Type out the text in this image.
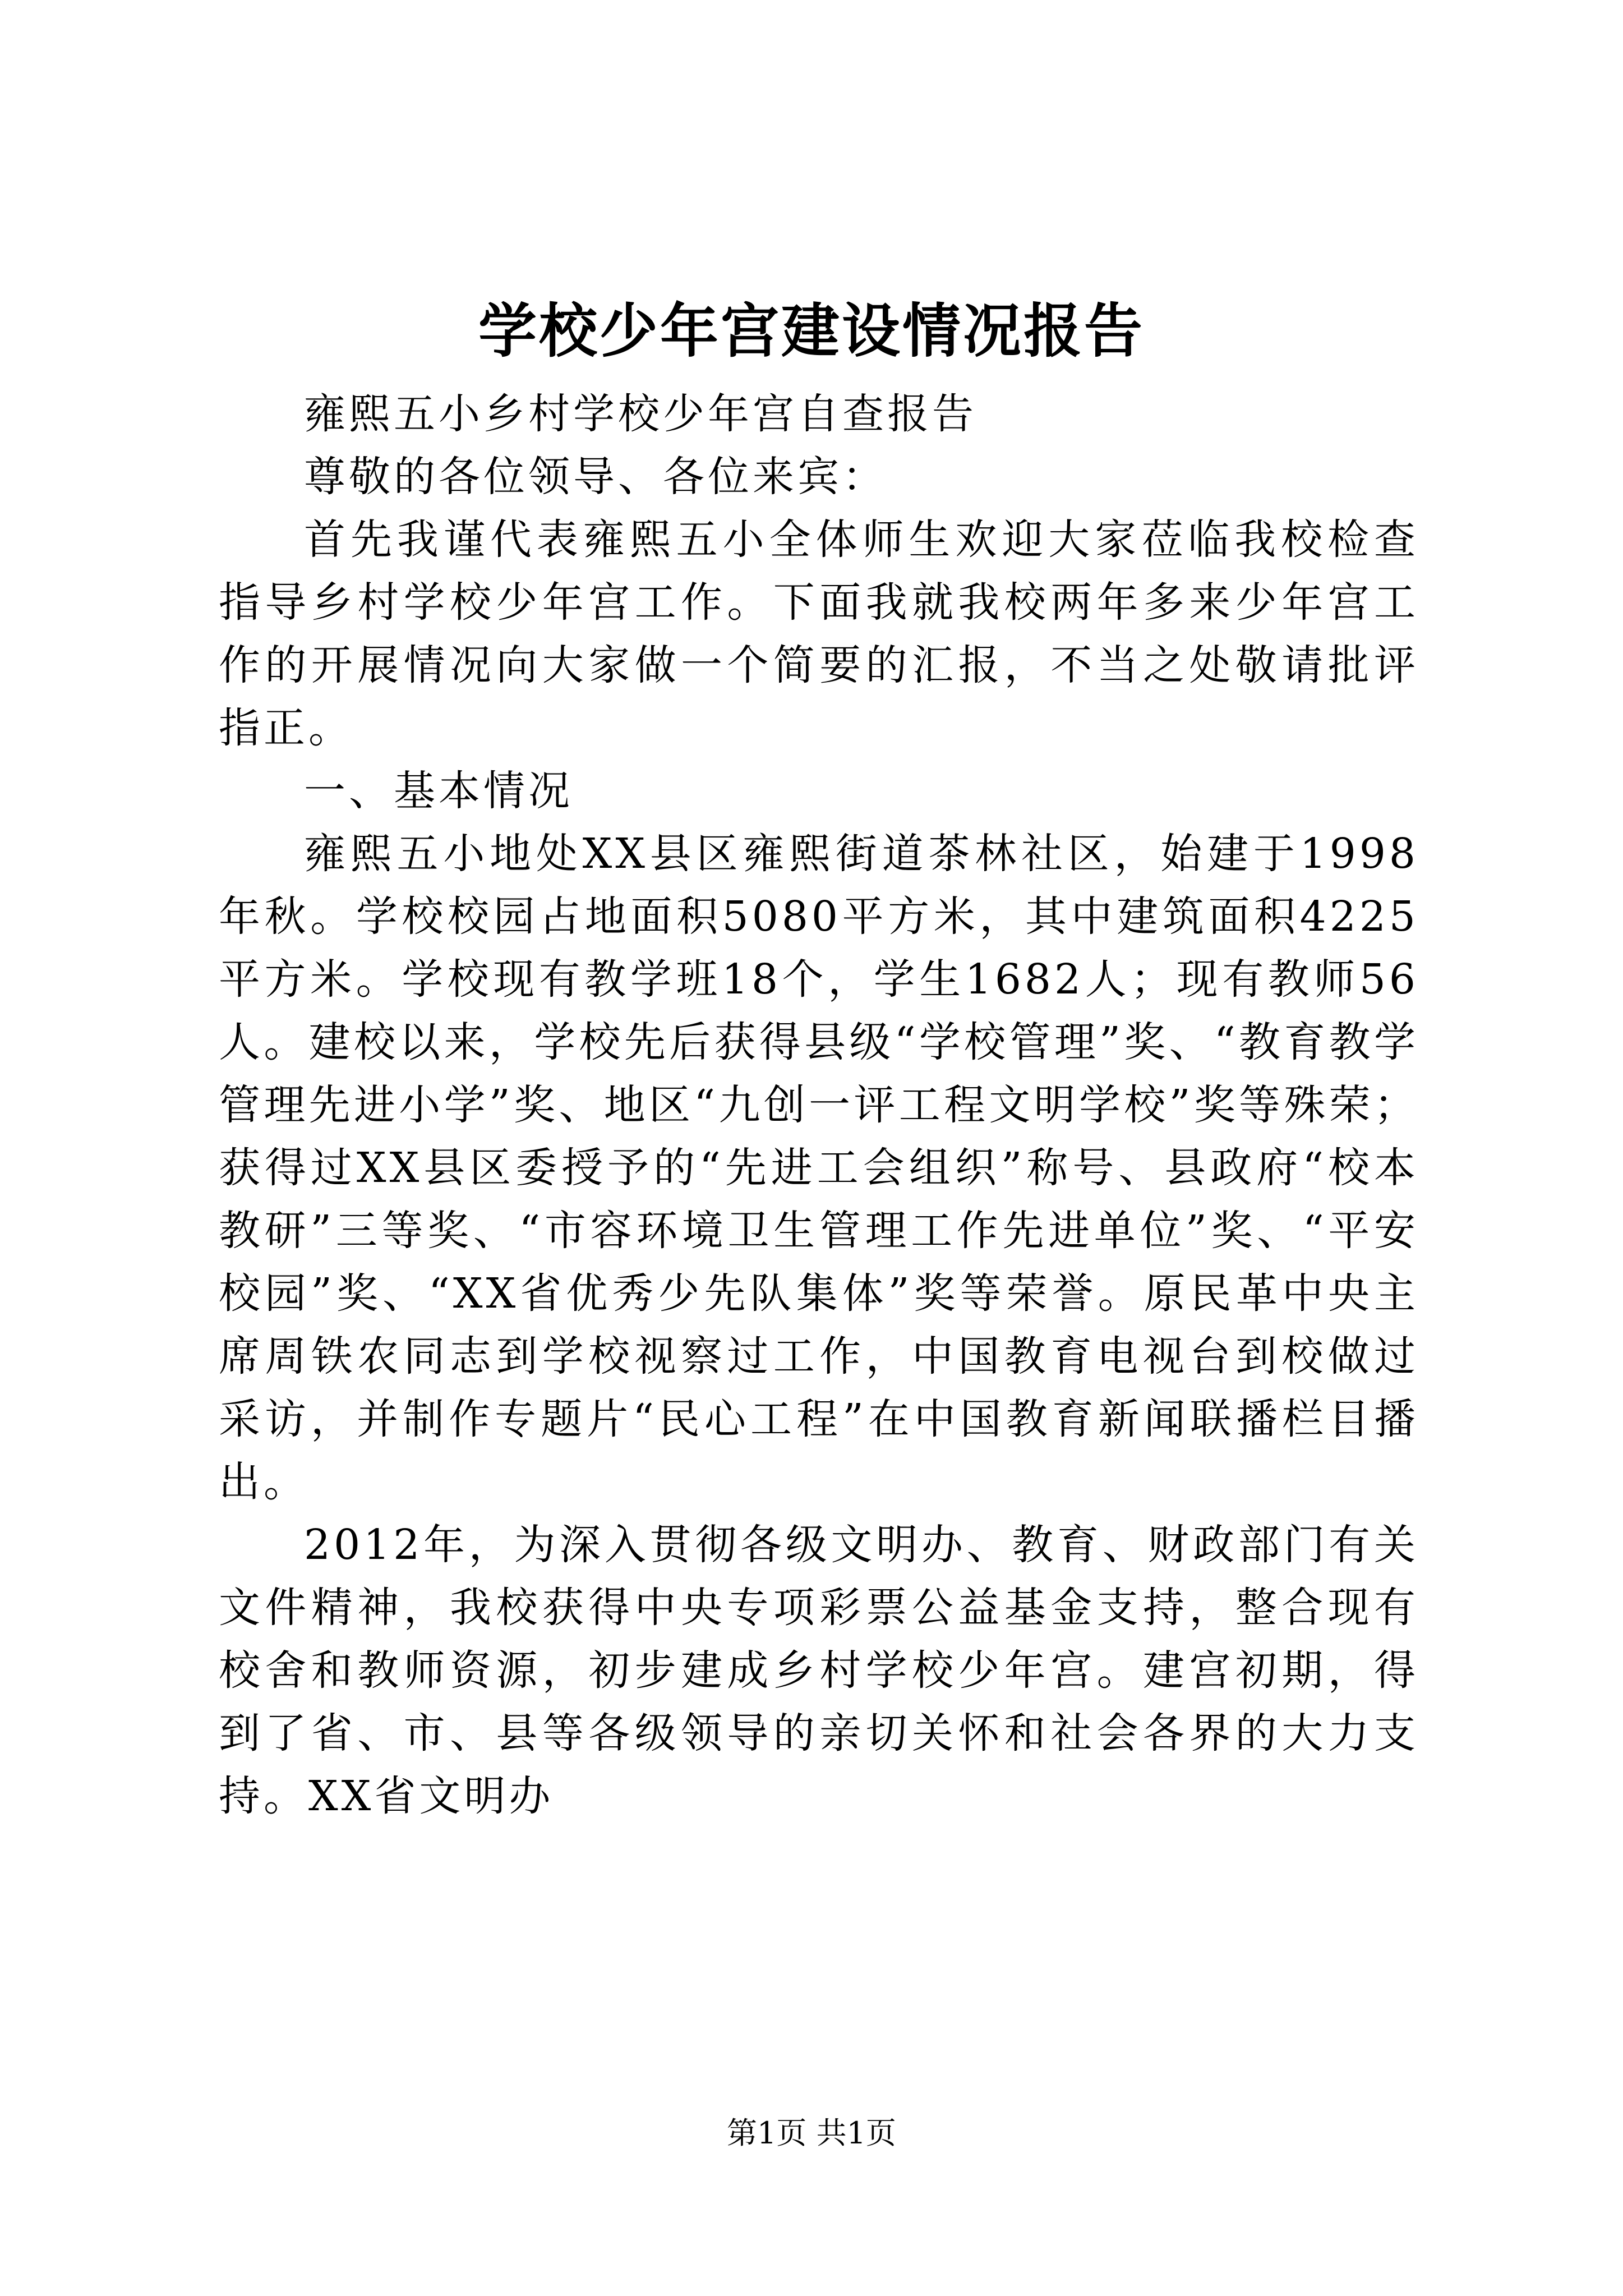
学校少年宫建设情况报告

雍熙五小乡村学校少年宫自查报告

尊敬的各位领导、各位来宾：

首先我谨代表雍熙五小全体师生欢迎大家莅临我校检查指导乡村学校少年宫工作。下面我就我校两年多来少年宫工作的开展情况向大家做一个简要的汇报，不当之处敬请批评指正。

一、基本情况

雍熙五小地处XX县区雍熙街道茶林社区，始建于1998年秋。学校校园占地面积5080平方米，其中建筑面积4225平方米。学校现有教学班18个，学生1682人；现有教师56人。建校以来，学校先后获得县级“学校管理”奖、“教育教学管理先进小学”奖、地区“九创一评工程文明学校”奖等殊荣；获得过XX县区委授予的“先进工会组织”称号、县政府“校本教研”三等奖、“市容环境卫生管理工作先进单位”奖、“平安校园”奖、“XX省优秀少先队集体”奖等荣誉。原民革中央主席周铁农同志到学校视察过工作，中国教育电视台到校做过采访，并制作专题片“民心工程”在中国教育新闻联播栏目播出。

2012年，为深入贯彻各级文明办、教育、财政部门有关文件精神，我校获得中央专项彩票公益基金支持，整合现有校舍和教师资源，初步建成乡村学校少年宫。建宫初期，得到了省、市、县等各级领导的亲切关怀和社会各界的大力支持。XX省文明办

第1页 共1页
